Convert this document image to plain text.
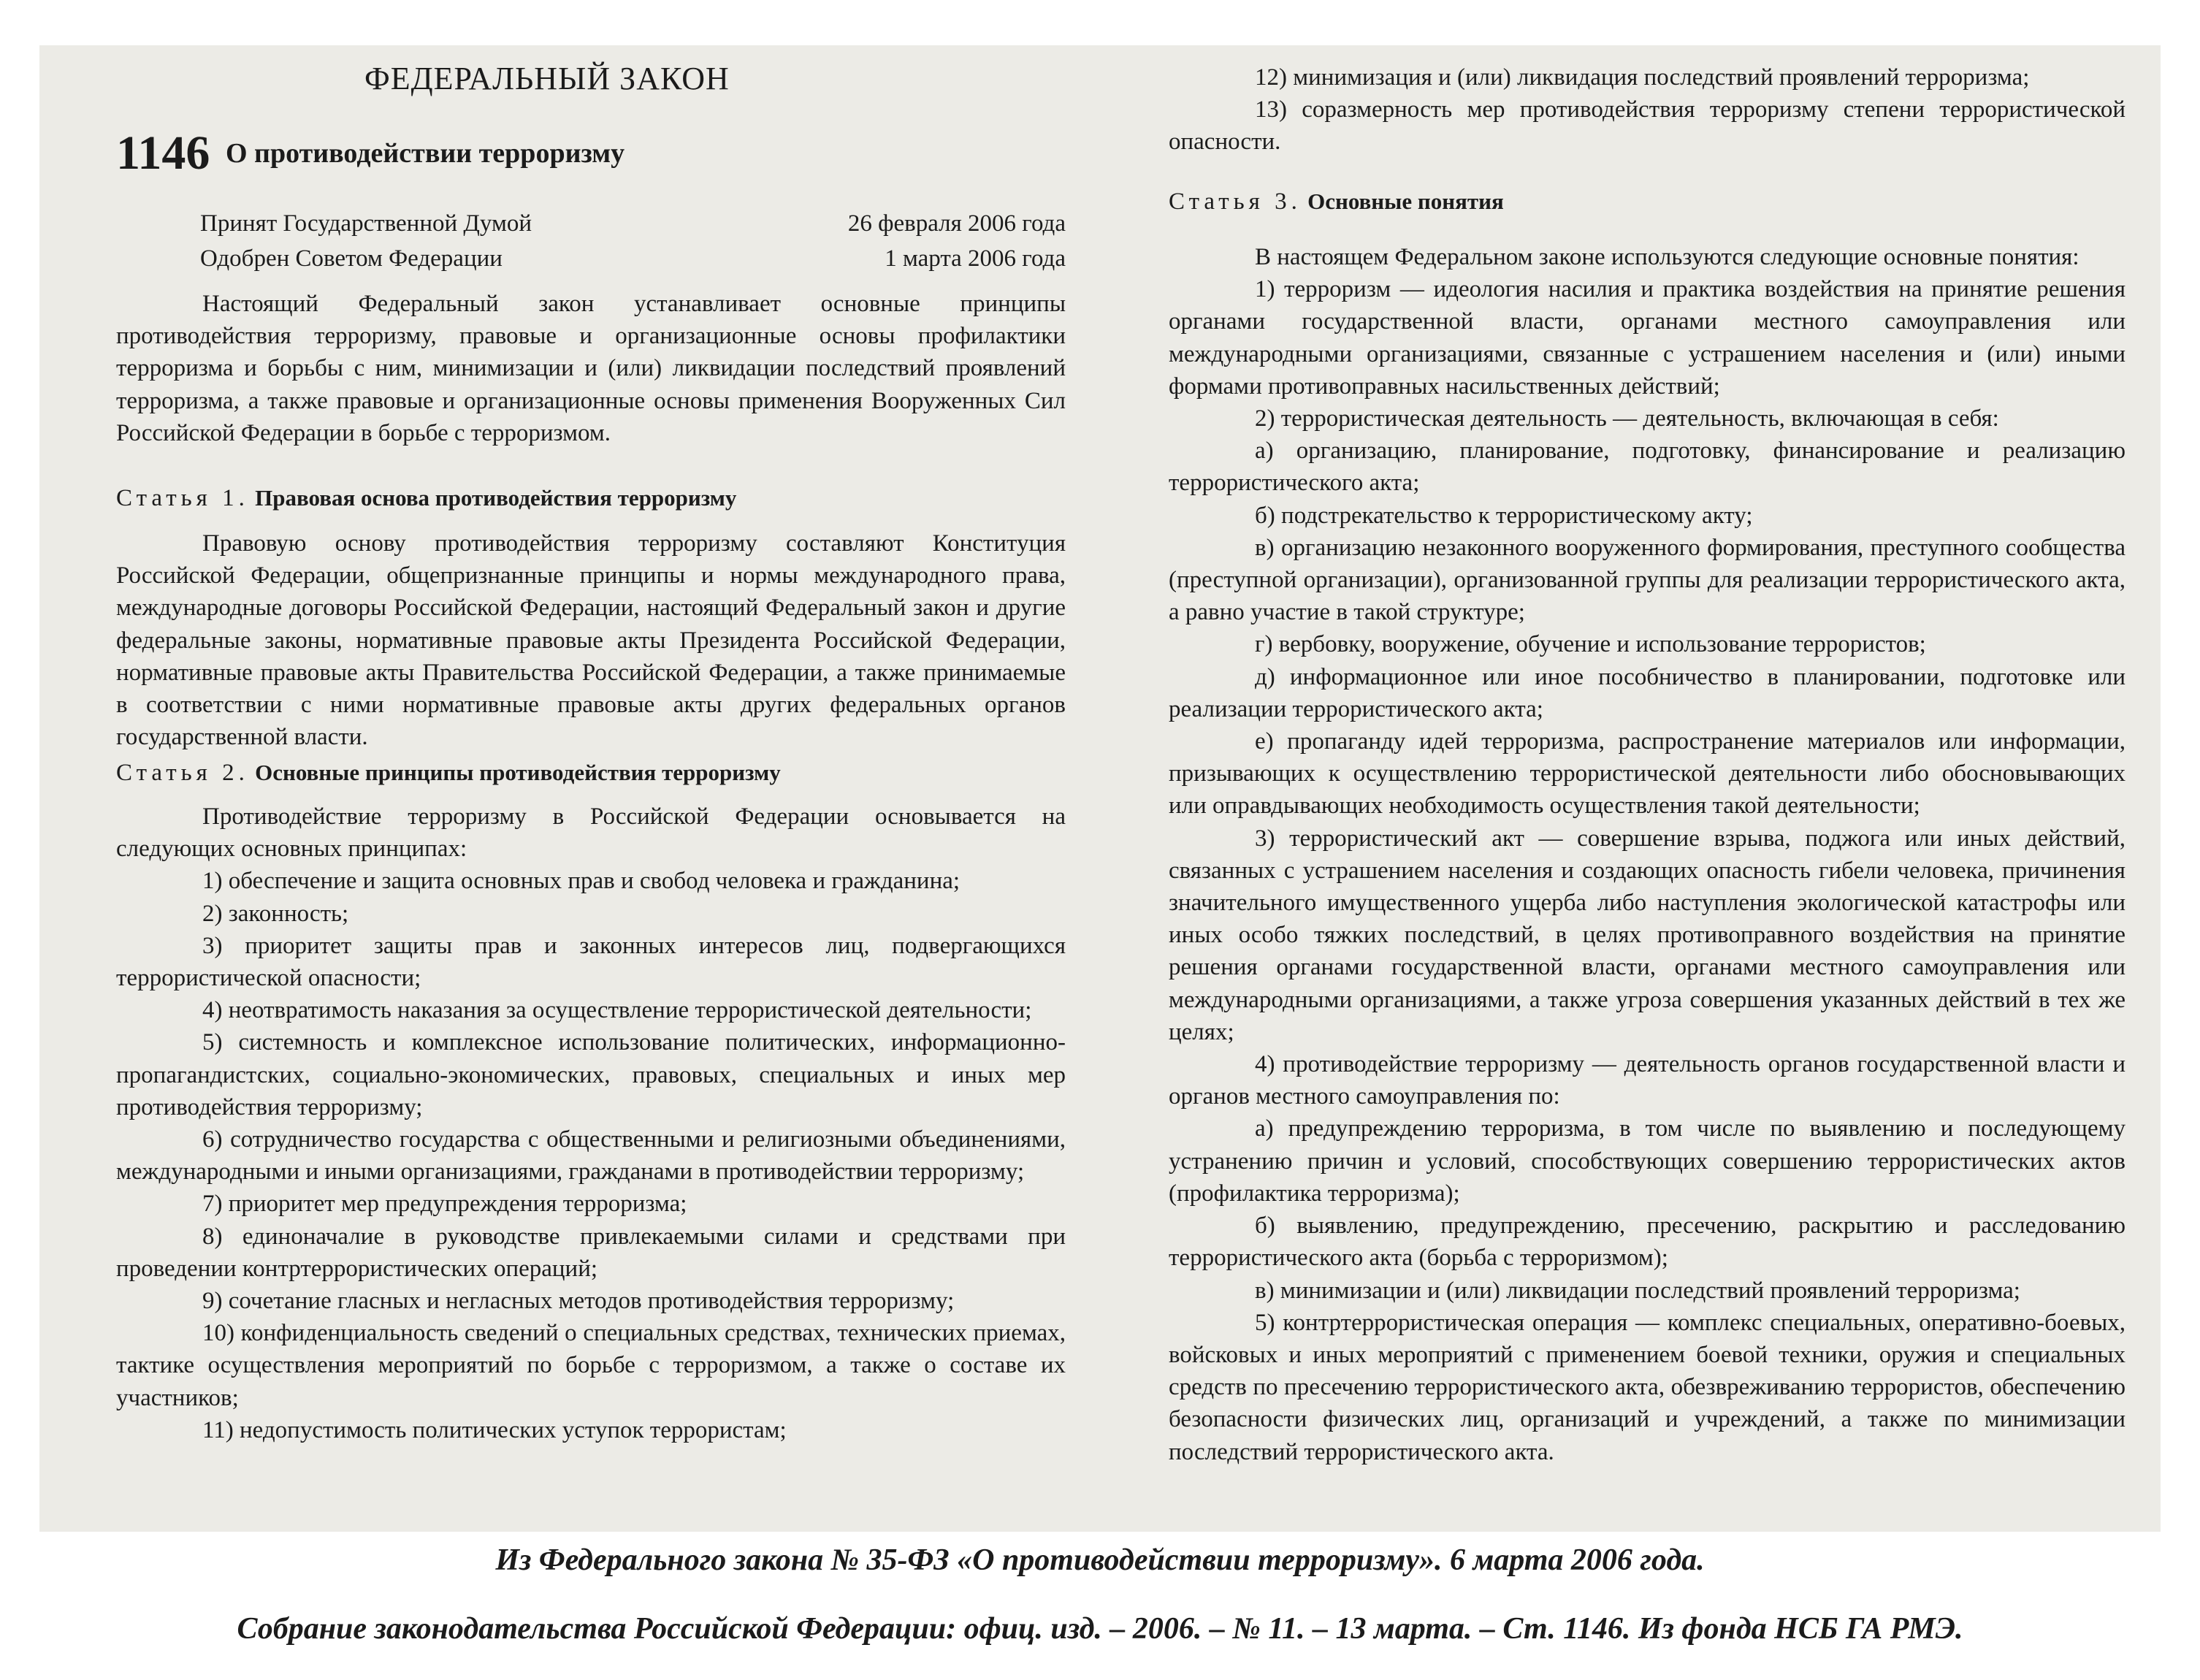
ФЕДЕРАЛЬНЫЙ ЗАКОН
1146 О противодействии терроризму
Принят Государственной Думой	26 февраля 2006 года
Одобрен Советом Федерации	1 марта 2006 года
Настоящий Федеральный закон устанавливает основные принципы противодействия терроризму, правовые и организационные основы профилактики терроризма и борьбы с ним, минимизации и (или) ликвидации последствий проявлений терроризма, а также правовые и организационные основы применения Вооруженных Сил Российской Федерации в борьбе с терроризмом.
Статья 1. Правовая основа противодействия терроризму
Правовую основу противодействия терроризму составляют Конституция Российской Федерации, общепризнанные принципы и нормы международного права, международные договоры Российской Федерации, настоящий Федеральный закон и другие федеральные законы, нормативные правовые акты Президента Российской Федерации, нормативные правовые акты Правительства Российской Федерации, а также принимаемые в соответствии с ними нормативные правовые акты других федеральных органов государственной власти.
Статья 2. Основные принципы противодействия терроризму
Противодействие терроризму в Российской Федерации основывается на следующих основных принципах:
1) обеспечение и защита основных прав и свобод человека и гражданина;
2) законность;
3) приоритет защиты прав и законных интересов лиц, подвергающихся террористической опасности;
4) неотвратимость наказания за осуществление террористической деятельности;
5) системность и комплексное использование политических, информационно-пропагандистских, социально-экономических, правовых, специальных и иных мер противодействия терроризму;
6) сотрудничество государства с общественными и религиозными объединениями, международными и иными организациями, гражданами в противодействии терроризму;
7) приоритет мер предупреждения терроризма;
8) единоначалие в руководстве привлекаемыми силами и средствами при проведении контртеррористических операций;
9) сочетание гласных и негласных методов противодействия терроризму;
10) конфиденциальность сведений о специальных средствах, технических приемах, тактике осуществления мероприятий по борьбе с терроризмом, а также о составе их участников;
11) недопустимость политических уступок террористам;
12) минимизация и (или) ликвидация последствий проявлений терроризма;
13) соразмерность мер противодействия терроризму степени террористической опасности.
Статья 3. Основные понятия
В настоящем Федеральном законе используются следующие основные понятия:
1) терроризм — идеология насилия и практика воздействия на принятие решения органами государственной власти, органами местного самоуправления или международными организациями, связанные с устрашением населения и (или) иными формами противоправных насильственных действий;
2) террористическая деятельность — деятельность, включающая в себя:
а) организацию, планирование, подготовку, финансирование и реализацию террористического акта;
б) подстрекательство к террористическому акту;
в) организацию незаконного вооруженного формирования, преступного сообщества (преступной организации), организованной группы для реализации террористического акта, а равно участие в такой структуре;
г) вербовку, вооружение, обучение и использование террористов;
д) информационное или иное пособничество в планировании, подготовке или реализации террористического акта;
е) пропаганду идей терроризма, распространение материалов или информации, призывающих к осуществлению террористической деятельности либо обосновывающих или оправдывающих необходимость осуществления такой деятельности;
3) террористический акт — совершение взрыва, поджога или иных действий, связанных с устрашением населения и создающих опасность гибели человека, причинения значительного имущественного ущерба либо наступления экологической катастрофы или иных особо тяжких последствий, в целях противоправного воздействия на принятие решения органами государственной власти, органами местного самоуправления или международными организациями, а также угроза совершения указанных действий в тех же целях;
4) противодействие терроризму — деятельность органов государственной власти и органов местного самоуправления по:
а) предупреждению терроризма, в том числе по выявлению и последующему устранению причин и условий, способствующих совершению террористических актов (профилактика терроризма);
б) выявлению, предупреждению, пресечению, раскрытию и расследованию террористического акта (борьба с терроризмом);
в) минимизации и (или) ликвидации последствий проявлений терроризма;
5) контртеррористическая операция — комплекс специальных, оперативно-боевых, войсковых и иных мероприятий с применением боевой техники, оружия и специальных средств по пресечению террористического акта, обезвреживанию террористов, обеспечению безопасности физических лиц, организаций и учреждений, а также по минимизации последствий террористического акта.
Из Федерального закона № 35-ФЗ «О противодействии терроризму». 6 марта 2006 года.
Собрание законодательства Российской Федерации: офиц. изд. – 2006. – № 11. – 13 марта. – Ст. 1146. Из фонда НСБ ГА РМЭ.
